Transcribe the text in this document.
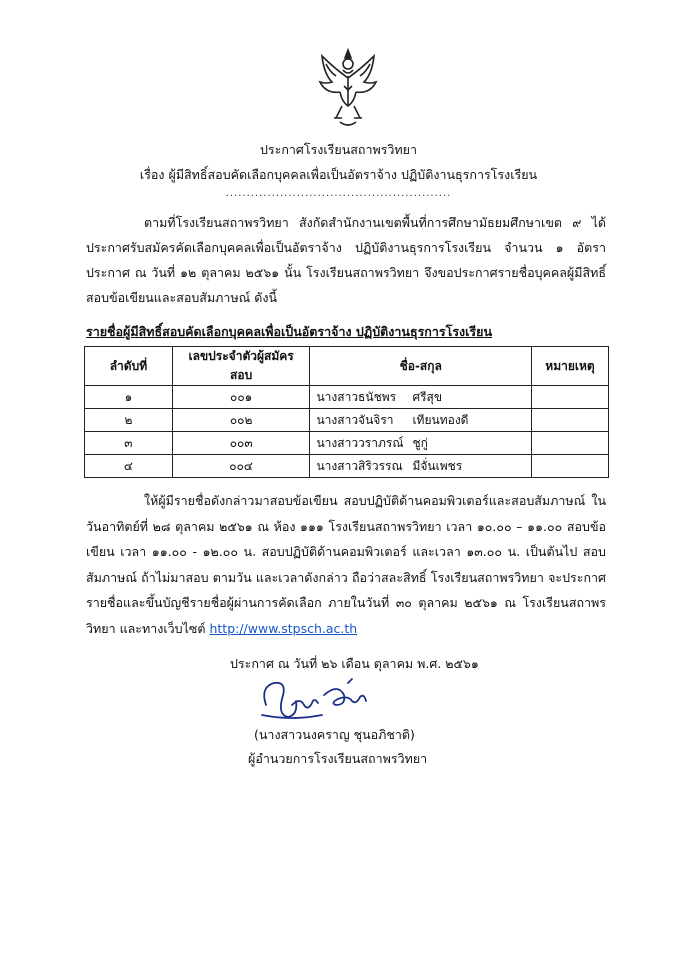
ประกาศโรงเรียนสถาพรวิทยา
เรื่อง ผู้มีสิทธิ์สอบคัดเลือกบุคคลเพื่อเป็นอัตราจ้าง ปฏิบัติงานธุรการโรงเรียน
......................................................
ตามที่โรงเรียนสถาพรวิทยา สังกัดสำนักงานเขตพื้นที่การศึกษามัธยมศึกษาเขต ๙ ได้ประกาศรับสมัครคัดเลือกบุคคลเพื่อเป็นอัตราจ้าง ปฏิบัติงานธุรการโรงเรียน จำนวน ๑ อัตรา ประกาศ ณ วันที่ ๑๒ ตุลาคม ๒๕๖๑ นั้น โรงเรียนสถาพรวิทยา จึงขอประกาศรายชื่อบุคคลผู้มีสิทธิ์สอบข้อเขียนและสอบสัมภาษณ์ ดังนี้
รายชื่อผู้มีสิทธิ์สอบคัดเลือกบุคคลเพื่อเป็นอัตราจ้าง ปฏิบัติงานธุรการโรงเรียน
ลำดับที่	เลขประจำตัวผู้สมัครสอบ	ชื่อ-สกุล	หมายเหตุ
๑	๐๐๑	นางสาวธนัชพร ศรีสุข	
๒	๐๐๒	นางสาวจันจิรา เทียนทองดี	
๓	๐๐๓	นางสาววราภรณ์ ชูกู่	
๔	๐๐๔	นางสาวสิริวรรณ มีจั่นเพชร	
ให้ผู้มีรายชื่อดังกล่าวมาสอบข้อเขียน สอบปฏิบัติด้านคอมพิวเตอร์และสอบสัมภาษณ์ ในวันอาทิตย์ที่ ๒๘ ตุลาคม ๒๕๖๑ ณ ห้อง ๑๑๑ โรงเรียนสถาพรวิทยา เวลา ๑๐.๐๐ – ๑๑.๐๐ สอบข้อเขียน เวลา ๑๑.๐๐ - ๑๒.๐๐ น. สอบปฏิบัติด้านคอมพิวเตอร์ และเวลา ๑๓.๐๐ น. เป็นต้นไป สอบสัมภาษณ์ ถ้าไม่มาสอบ ตามวัน และเวลาดังกล่าว ถือว่าสละสิทธิ์ โรงเรียนสถาพรวิทยา จะประกาศรายชื่อและขึ้นบัญชีรายชื่อผู้ผ่านการคัดเลือก ภายในวันที่ ๓๐ ตุลาคม ๒๕๖๑ ณ โรงเรียนสถาพรวิทยา และทางเว็บไซต์ http://www.stpsch.ac.th
ประกาศ ณ วันที่ ๒๖ เดือน ตุลาคม พ.ศ. ๒๕๖๑
(นางสาวนงคราญ ชุนอภิชาติ)
ผู้อำนวยการโรงเรียนสถาพรวิทยา
